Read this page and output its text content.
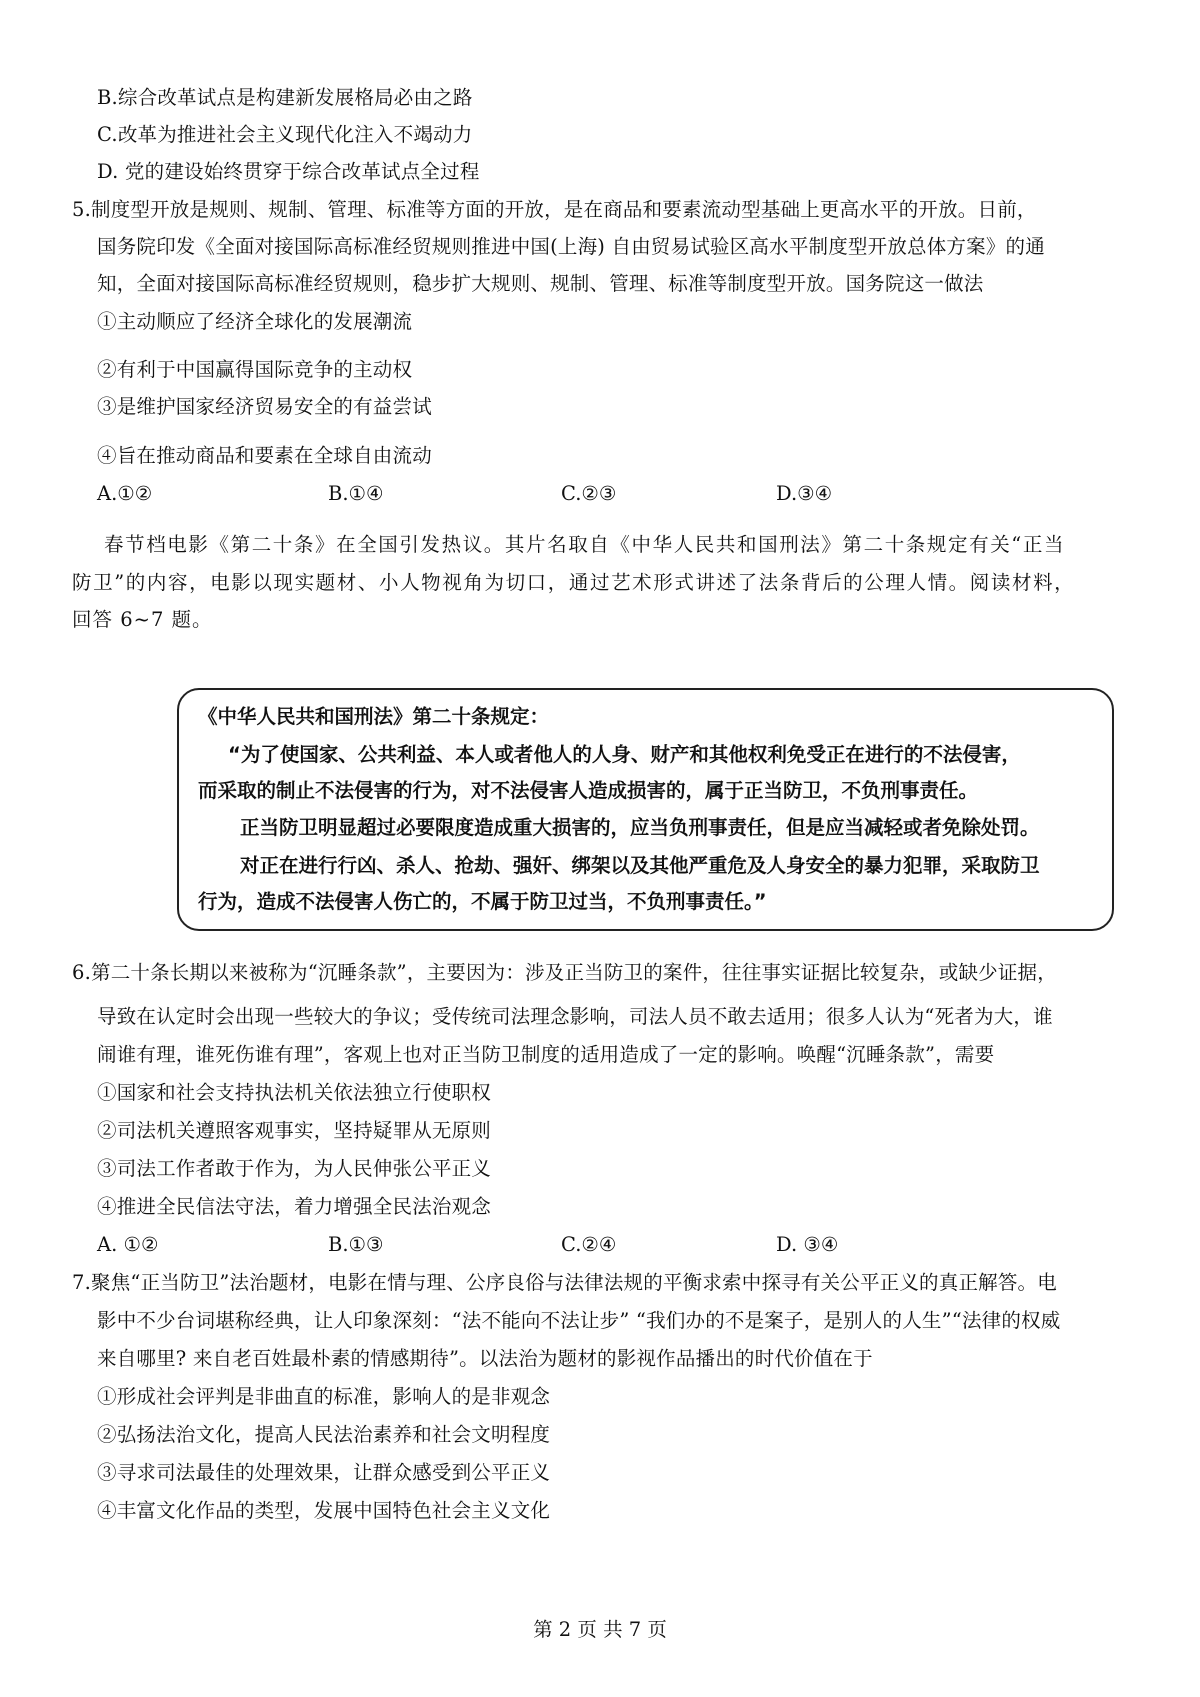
B.综合改革试点是构建新发展格局必由之路
C.改革为推进社会主义现代化注入不竭动力
D. 党的建设始终贯穿于综合改革试点全过程
5.制度型开放是规则、规制、管理、标准等方面的开放，是在商品和要素流动型基础上更高水平的开放。日前，
国务院印发《全面对接国际高标准经贸规则推进中国(上海) 自由贸易试验区高水平制度型开放总体方案》的通
知，全面对接国际高标准经贸规则，稳步扩大规则、规制、管理、标准等制度型开放。国务院这一做法
①主动顺应了经济全球化的发展潮流
②有利于中国赢得国际竞争的主动权
③是维护国家经济贸易安全的有益尝试
④旨在推动商品和要素在全球自由流动
A.①②	B.①④	C.②③	D.③④
春节档电影《第二十条》在全国引发热议。其片名取自《中华人民共和国刑法》第二十条规定有关“正当
防卫”的内容，电影以现实题材、小人物视角为切口，通过艺术形式讲述了法条背后的公理人情。阅读材料，
回答 6~7 题。
《中华人民共和国刑法》第二十条规定：
“为了使国家、公共利益、本人或者他人的人身、财产和其他权利免受正在进行的不法侵害，
而采取的制止不法侵害的行为，对不法侵害人造成损害的，属于正当防卫，不负刑事责任。
正当防卫明显超过必要限度造成重大损害的，应当负刑事责任，但是应当减轻或者免除处罚。
对正在进行行凶、杀人、抢劫、强奸、绑架以及其他严重危及人身安全的暴力犯罪，采取防卫
行为，造成不法侵害人伤亡的，不属于防卫过当，不负刑事责任。”
6.第二十条长期以来被称为“沉睡条款”，主要因为：涉及正当防卫的案件，往往事实证据比较复杂，或缺少证据，
导致在认定时会出现一些较大的争议；受传统司法理念影响，司法人员不敢去适用；很多人认为“死者为大，谁
闹谁有理，谁死伤谁有理”，客观上也对正当防卫制度的适用造成了一定的影响。唤醒“沉睡条款”，需要
①国家和社会支持执法机关依法独立行使职权
②司法机关遵照客观事实，坚持疑罪从无原则
③司法工作者敢于作为，为人民伸张公平正义
④推进全民信法守法，着力增强全民法治观念
A. ①②	B.①③	C.②④	D. ③④
7.聚焦“正当防卫”法治题材，电影在情与理、公序良俗与法律法规的平衡求索中探寻有关公平正义的真正解答。电
影中不少台词堪称经典，让人印象深刻：“法不能向不法让步” “我们办的不是案子，是别人的人生”“法律的权威
来自哪里? 来自老百姓最朴素的情感期待”。以法治为题材的影视作品播出的时代价值在于
①形成社会评判是非曲直的标准，影响人的是非观念
②弘扬法治文化，提高人民法治素养和社会文明程度
③寻求司法最佳的处理效果，让群众感受到公平正义
④丰富文化作品的类型，发展中国特色社会主义文化
第 2 页 共 7 页
